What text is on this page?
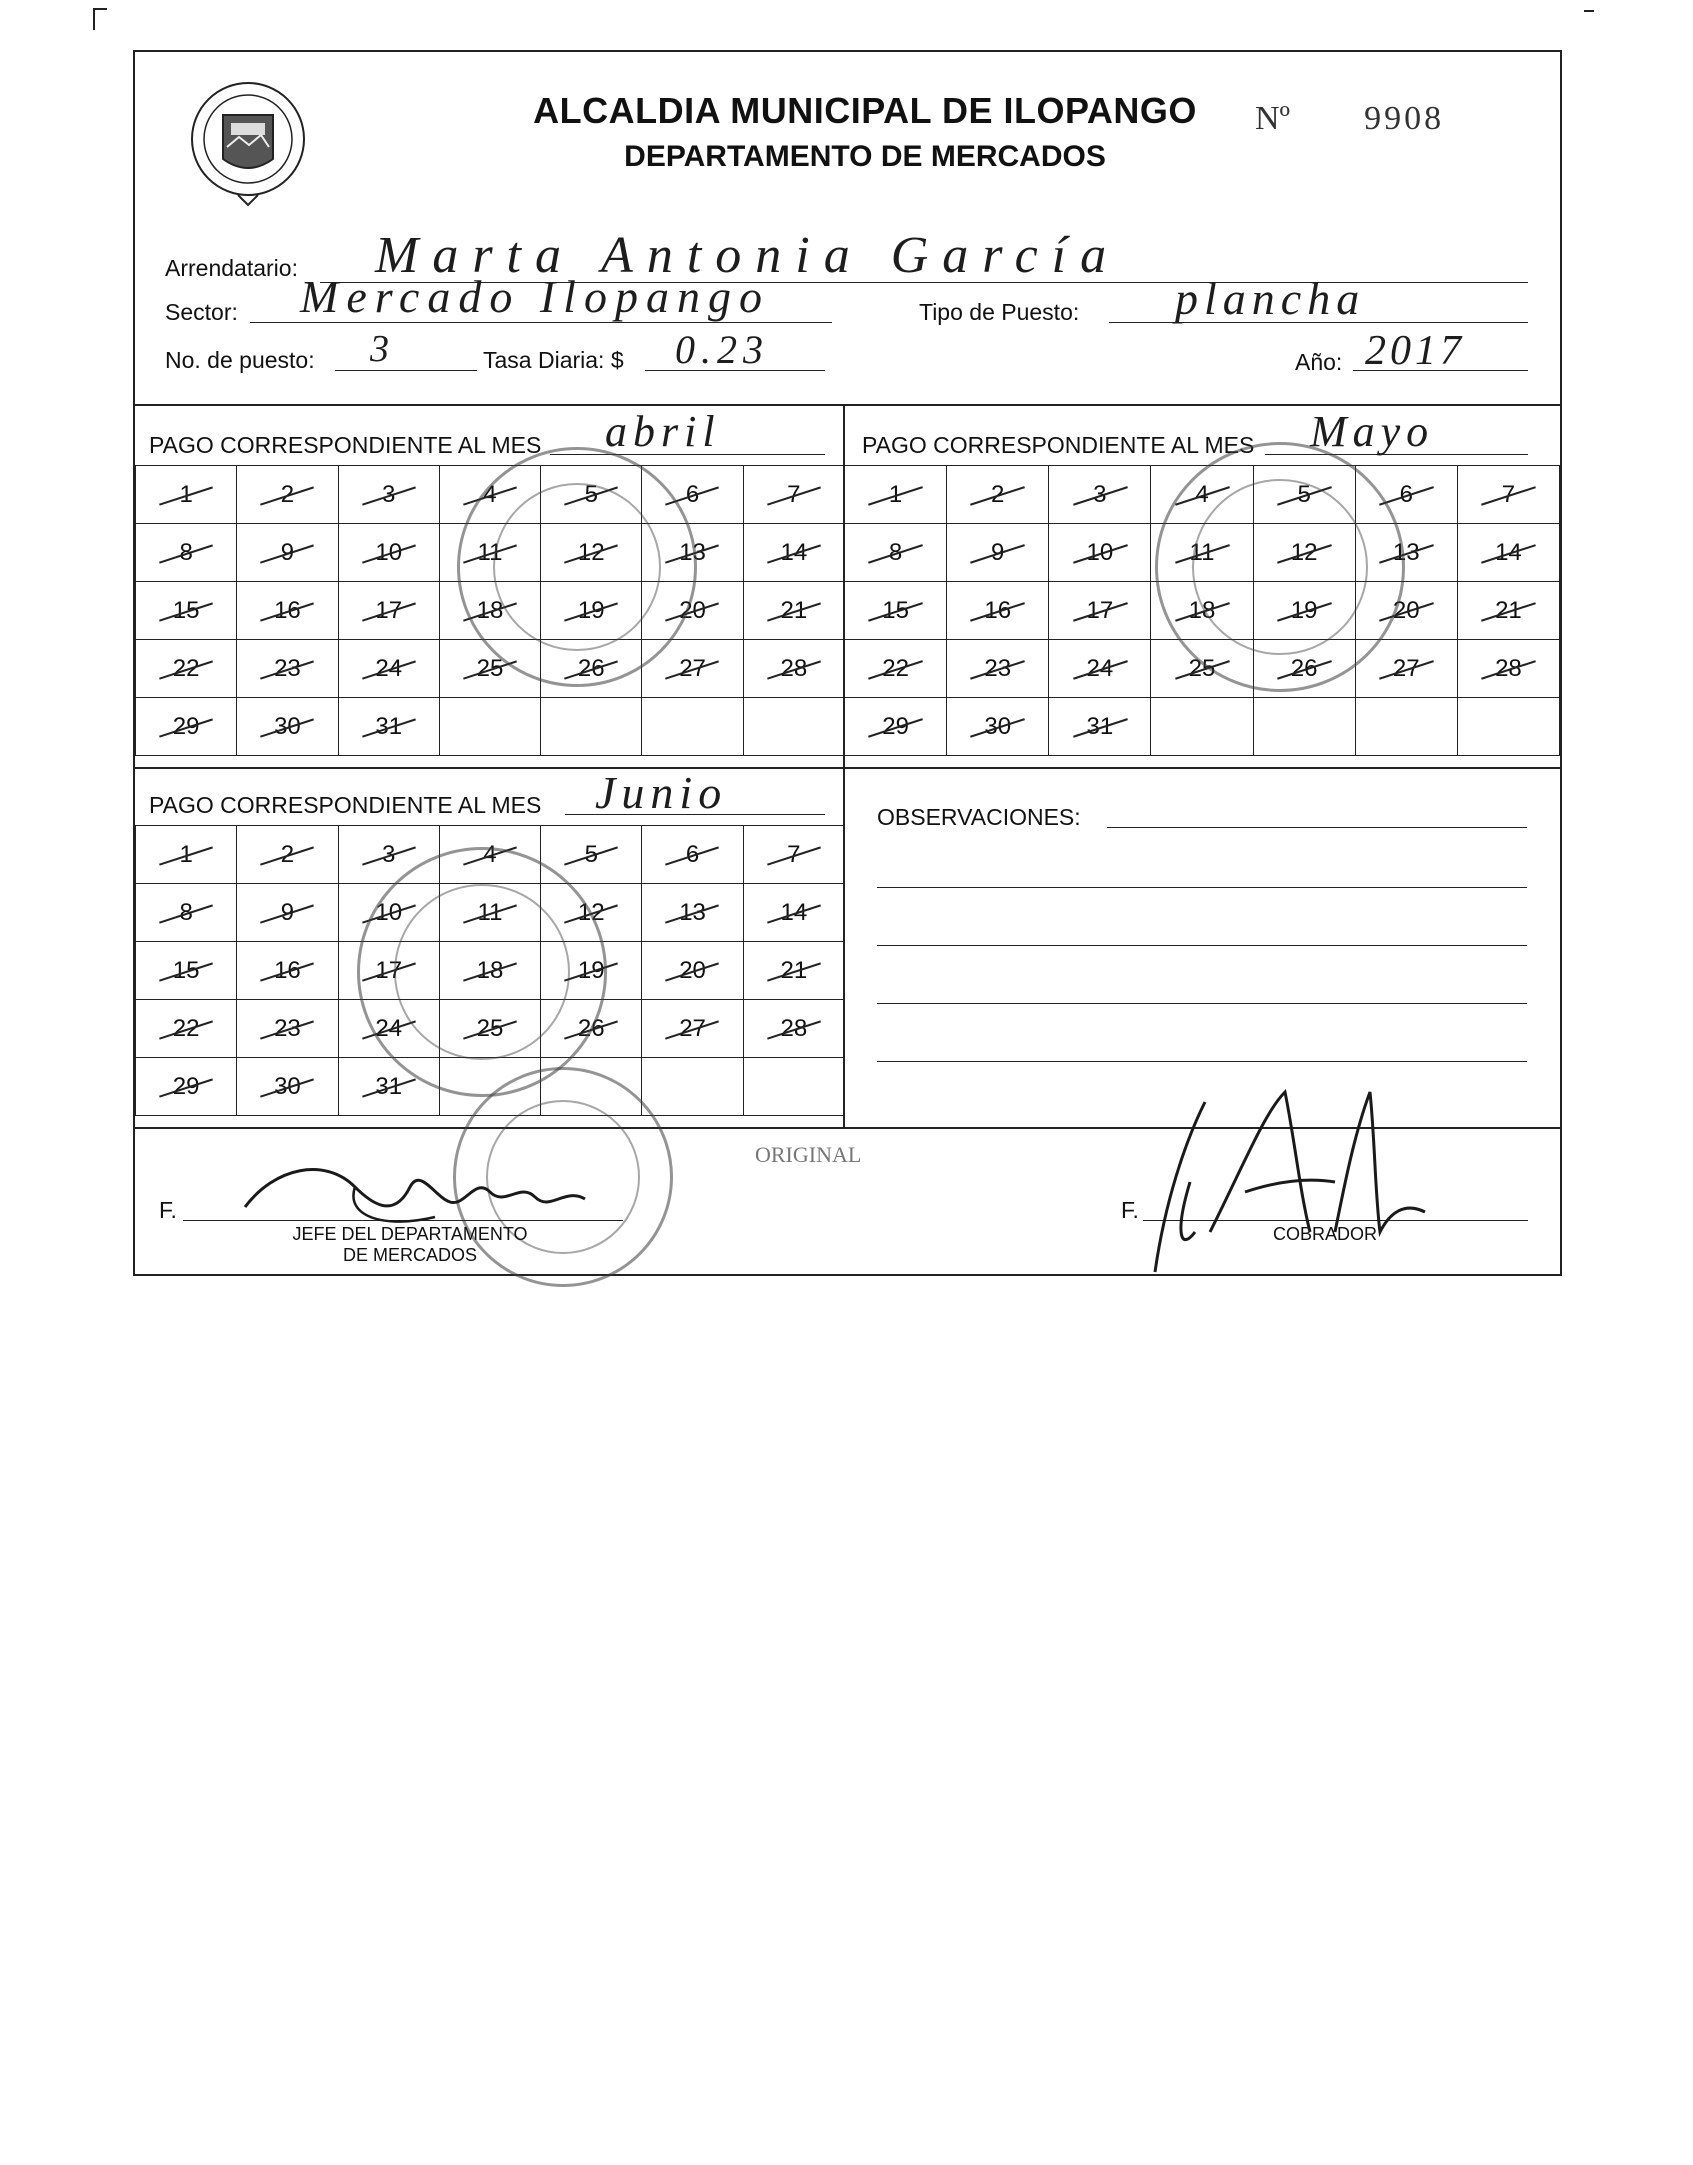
ALCALDIA MUNICIPAL DE ILOPANGO
DEPARTAMENTO DE MERCADOS
Nº 9908
Arrendatario: Marta Antonia García
Sector: Mercado Ilopango	Tipo de Puesto: plancha
No. de puesto: 3	Tasa Diaria: $ 0.23	Año: 2017
PAGO CORRESPONDIENTE AL MES abril
1	2	3	4	5	6	7
8	9	10	11	12	13	14
15	16	17	18	19	20	21
22	23	24	25	26	27	28
29	30	31				
PAGO CORRESPONDIENTE AL MES Mayo
1	2	3	4	5	6	7
8	9	10	11	12	13	14
15	16	17	18	19	20	21
22	23	24	25	26	27	28
29	30	31				
PAGO CORRESPONDIENTE AL MES Junio
1	2	3	4	5	6	7
8	9	10	11	12	13	14
15	16	17	18	19	20	21
22	23	24	25	26	27	28
29	30	31				
OBSERVACIONES:
ORIGINAL
F.
JEFE DEL DEPARTAMENTO
DE MERCADOS
F.
COBRADOR
